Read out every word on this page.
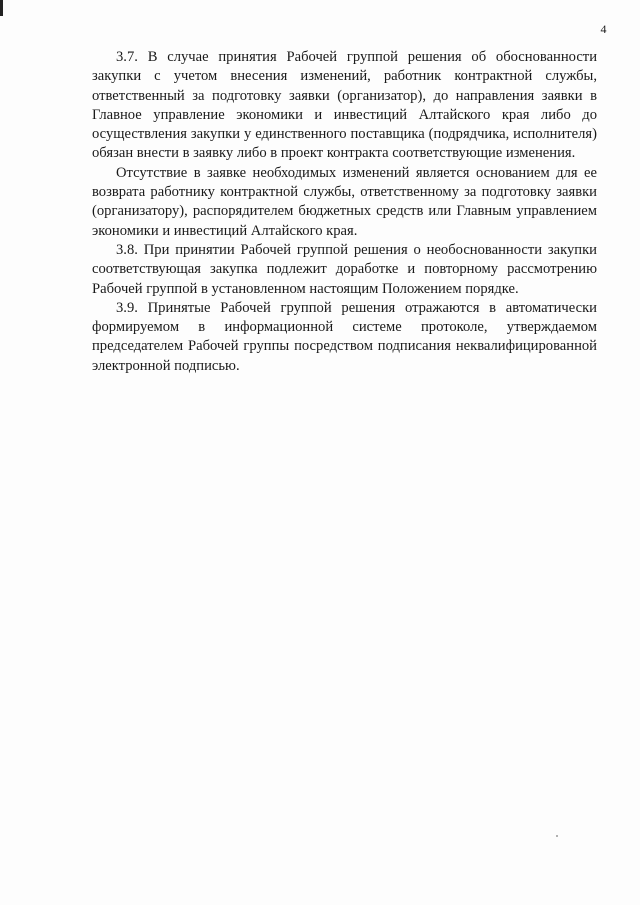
4

3.7. В случае принятия Рабочей группой решения об обоснованности закупки с учетом внесения изменений, работник контрактной службы, ответственный за подготовку заявки (организатор), до направления заявки в Главное управление экономики и инвестиций Алтайского края либо до осуществления закупки у единственного поставщика (подрядчика, исполнителя) обязан внести в заявку либо в проект контракта соответствующие изменения.

Отсутствие в заявке необходимых изменений является основанием для ее возврата работнику контрактной службы, ответственному за подготовку заявки (организатору), распорядителем бюджетных средств или Главным управлением экономики и инвестиций Алтайского края.

3.8. При принятии Рабочей группой решения о необоснованности закупки соответствующая закупка подлежит доработке и повторному рассмотрению Рабочей группой в установленном настоящим Положением порядке.

3.9. Принятые Рабочей группой решения отражаются в автоматически формируемом в информационной системе протоколе, утверждаемом председателем Рабочей группы посредством подписания неквалифицированной электронной подписью.
